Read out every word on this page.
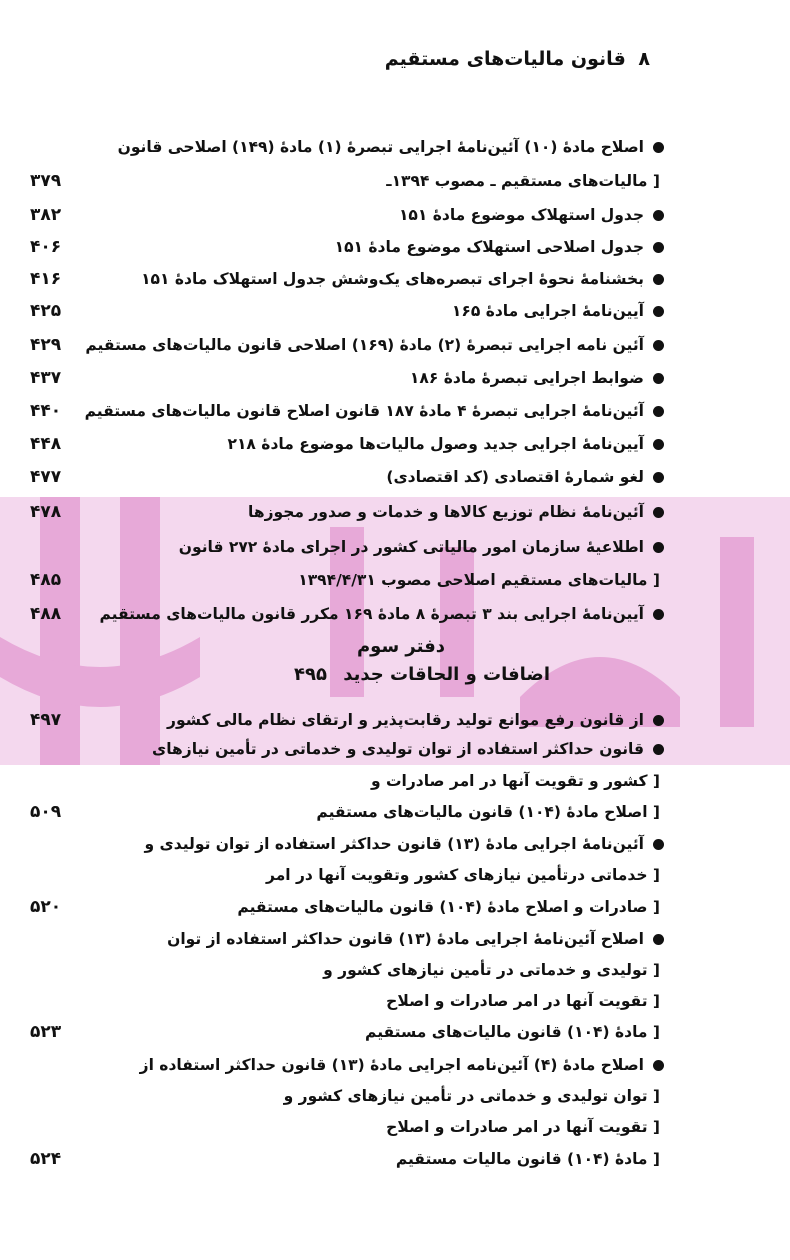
۸ قانون مالیات‌های مستقیم
اصلاح مادهٔ (۱۰) آئین‌نامهٔ اجرایی تبصرهٔ (۱) مادهٔ (۱۴۹) اصلاحی قانون
[ مالیات‌های مستقیم ـ مصوب ۱۳۹۴ـ
۳۷۹
جدول استهلاک موضوع مادهٔ ۱۵۱
۳۸۲
جدول اصلاحی استهلاک موضوع مادهٔ ۱۵۱
۴۰۶
بخشنامهٔ نحوهٔ اجرای تبصره‌های یک‌وشش جدول استهلاک مادهٔ ۱۵۱
۴۱۶
آیین‌نامهٔ اجرایی مادهٔ ۱۶۵
۴۲۵
آئین نامه اجرایی تبصرهٔ (۲) مادهٔ (۱۶۹) اصلاحی قانون مالیات‌های مستقیم
۴۲۹
ضوابط اجرایی تبصرهٔ مادهٔ ۱۸۶
۴۳۷
آئین‌نامهٔ اجرایی تبصرهٔ ۴ مادهٔ ۱۸۷ قانون اصلاح قانون مالیات‌های مستقیم
۴۴۰
آیین‌نامهٔ اجرایی جدید وصول مالیات‌ها موضوع مادهٔ ۲۱۸
۴۴۸
لغو شمارهٔ اقتصادی (کد اقتصادی)
۴۷۷
آئین‌نامهٔ نظام توزیع کالاها و خدمات و صدور مجوزها
۴۷۸
اطلاعیهٔ سازمان امور مالیاتی کشور در اجرای مادهٔ ۲۷۲ قانون
[ مالیات‌های مستقیم اصلاحی مصوب ۱۳۹۴/۴/۳۱
۴۸۵
آیین‌نامهٔ اجرایی بند ۳ تبصرهٔ ۸ مادهٔ ۱۶۹ مکرر قانون مالیات‌های مستقیم
۴۸۸
دفتر سوم
اضافات و الحاقات جدید ۴۹۵
از قانون رفع موانع تولید رقابت‌پذیر و ارتقای نظام مالی کشور
۴۹۷
قانون حداکثر استفاده از توان تولیدی و خدماتی در تأمین نیازهای
[ کشور و تقویت آنها در امر صادرات و
[ اصلاح مادهٔ (۱۰۴) قانون مالیات‌های مستقیم
۵۰۹
آئین‌نامهٔ اجرایی مادهٔ (۱۳) قانون حداکثر استفاده از توان تولیدی و
[ خدماتی درتأمین نیازهای کشور وتقویت آنها در امر
[ صادرات و اصلاح مادهٔ (۱۰۴) قانون مالیات‌های مستقیم
۵۲۰
اصلاح آئین‌نامهٔ اجرایی مادهٔ (۱۳) قانون حداکثر استفاده از توان
[ تولیدی و خدماتی در تأمین نیازهای کشور و
[ تقویت آنها در امر صادرات و اصلاح
[ مادهٔ (۱۰۴) قانون مالیات‌های مستقیم
۵۲۳
اصلاح مادهٔ (۴) آئین‌نامه اجرایی مادهٔ (۱۳) قانون حداکثر استفاده از
[ توان تولیدی و خدماتی در تأمین نیازهای کشور و
[ تقویت آنها در امر صادرات و اصلاح
[ مادهٔ (۱۰۴) قانون مالیات مستقیم
۵۲۴
